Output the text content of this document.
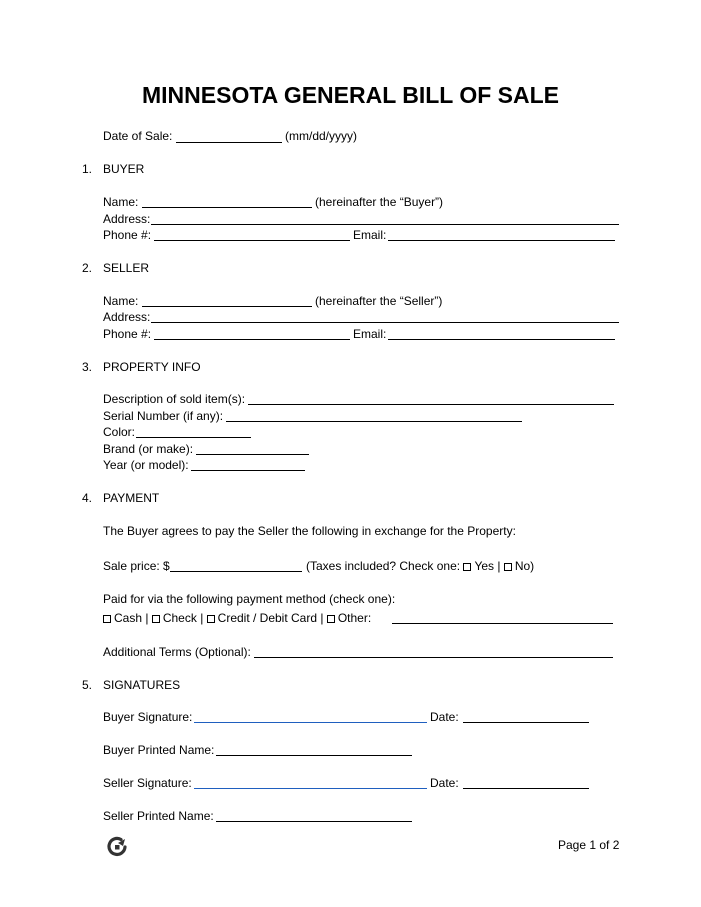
MINNESOTA GENERAL BILL OF SALE
Date of Sale:	(mm/dd/yyyy)
1. BUYER
Name:	(hereinafter the “Buyer”)
Address:
Phone #:	Email:
2. SELLER
Name:	(hereinafter the “Seller”)
Address:
Phone #:	Email:
3. PROPERTY INFO
Description of sold item(s):
Serial Number (if any):
Color:
Brand (or make):
Year (or model):
4. PAYMENT
The Buyer agrees to pay the Seller the following in exchange for the Property:
Sale price: $	(Taxes included? Check one: Yes | No)
Paid for via the following payment method (check one):
Cash | Check | Credit / Debit Card | Other:
Additional Terms (Optional):
5. SIGNATURES
Buyer Signature:	Date:
Buyer Printed Name:
Seller Signature:	Date:
Seller Printed Name:
Page 1 of 2
